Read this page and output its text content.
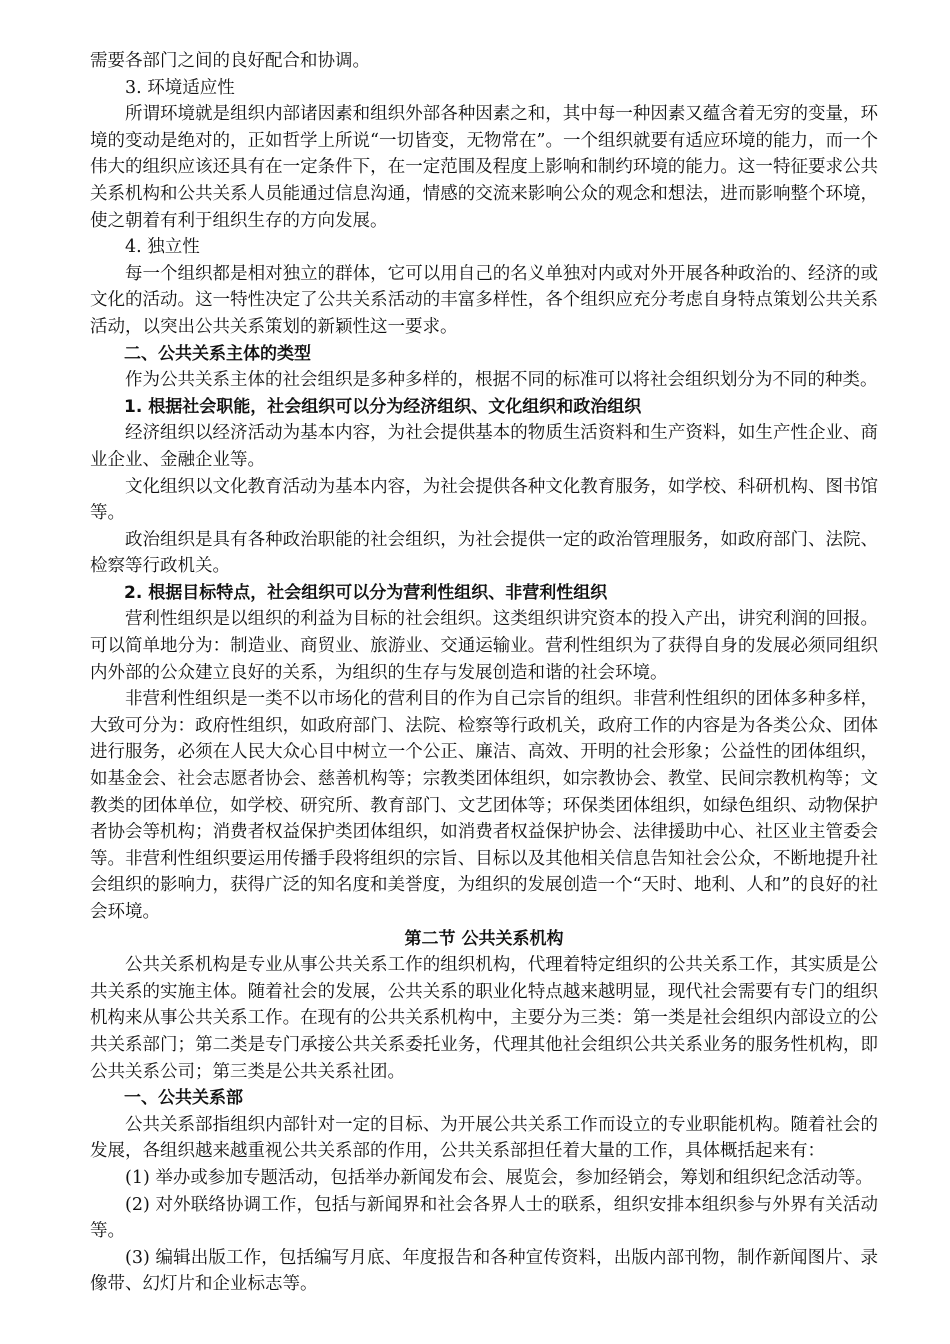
需要各部门之间的良好配合和协调。

3. 环境适应性

所谓环境就是组织内部诸因素和组织外部各种因素之和，其中每一种因素又蕴含着无穷的变量，环境的变动是绝对的，正如哲学上所说“一切皆变，无物常在”。一个组织就要有适应环境的能力，而一个伟大的组织应该还具有在一定条件下，在一定范围及程度上影响和制约环境的能力。这一特征要求公共关系机构和公共关系人员能通过信息沟通，情感的交流来影响公众的观念和想法，进而影响整个环境，使之朝着有利于组织生存的方向发展。

4. 独立性

每一个组织都是相对独立的群体，它可以用自己的名义单独对内或对外开展各种政治的、经济的或文化的活动。这一特性决定了公共关系活动的丰富多样性，各个组织应充分考虑自身特点策划公共关系活动，以突出公共关系策划的新颖性这一要求。

二、公共关系主体的类型

作为公共关系主体的社会组织是多种多样的，根据不同的标准可以将社会组织划分为不同的种类。

1. 根据社会职能，社会组织可以分为经济组织、文化组织和政治组织

经济组织以经济活动为基本内容，为社会提供基本的物质生活资料和生产资料，如生产性企业、商业企业、金融企业等。

文化组织以文化教育活动为基本内容，为社会提供各种文化教育服务，如学校、科研机构、图书馆等。

政治组织是具有各种政治职能的社会组织，为社会提供一定的政治管理服务，如政府部门、法院、检察等行政机关。

2. 根据目标特点，社会组织可以分为营利性组织、非营利性组织

营利性组织是以组织的利益为目标的社会组织。这类组织讲究资本的投入产出，讲究利润的回报。可以简单地分为：制造业、商贸业、旅游业、交通运输业。营利性组织为了获得自身的发展必须同组织内外部的公众建立良好的关系，为组织的生存与发展创造和谐的社会环境。

非营利性组织是一类不以市场化的营利目的作为自己宗旨的组织。非营利性组织的团体多种多样，大致可分为：政府性组织，如政府部门、法院、检察等行政机关，政府工作的内容是为各类公众、团体进行服务，必须在人民大众心目中树立一个公正、廉洁、高效、开明的社会形象；公益性的团体组织，如基金会、社会志愿者协会、慈善机构等；宗教类团体组织，如宗教协会、教堂、民间宗教机构等；文教类的团体单位，如学校、研究所、教育部门、文艺团体等；环保类团体组织，如绿色组织、动物保护者协会等机构；消费者权益保护类团体组织，如消费者权益保护协会、法律援助中心、社区业主管委会等。非营利性组织要运用传播手段将组织的宗旨、目标以及其他相关信息告知社会公众，不断地提升社会组织的影响力，获得广泛的知名度和美誉度，为组织的发展创造一个“天时、地利、人和”的良好的社会环境。

第二节 公共关系机构

公共关系机构是专业从事公共关系工作的组织机构，代理着特定组织的公共关系工作，其实质是公共关系的实施主体。随着社会的发展，公共关系的职业化特点越来越明显，现代社会需要有专门的组织机构来从事公共关系工作。在现有的公共关系机构中，主要分为三类：第一类是社会组织内部设立的公共关系部门；第二类是专门承接公共关系委托业务，代理其他社会组织公共关系业务的服务性机构，即公共关系公司；第三类是公共关系社团。

一、公共关系部

公共关系部指组织内部针对一定的目标、为开展公共关系工作而设立的专业职能机构。随着社会的发展，各组织越来越重视公共关系部的作用，公共关系部担任着大量的工作，具体概括起来有：

(1) 举办或参加专题活动，包括举办新闻发布会、展览会，参加经销会，筹划和组织纪念活动等。

(2) 对外联络协调工作，包括与新闻界和社会各界人士的联系，组织安排本组织参与外界有关活动等。

(3) 编辑出版工作，包括编写月底、年度报告和各种宣传资料，出版内部刊物，制作新闻图片、录像带、幻灯片和企业标志等。
